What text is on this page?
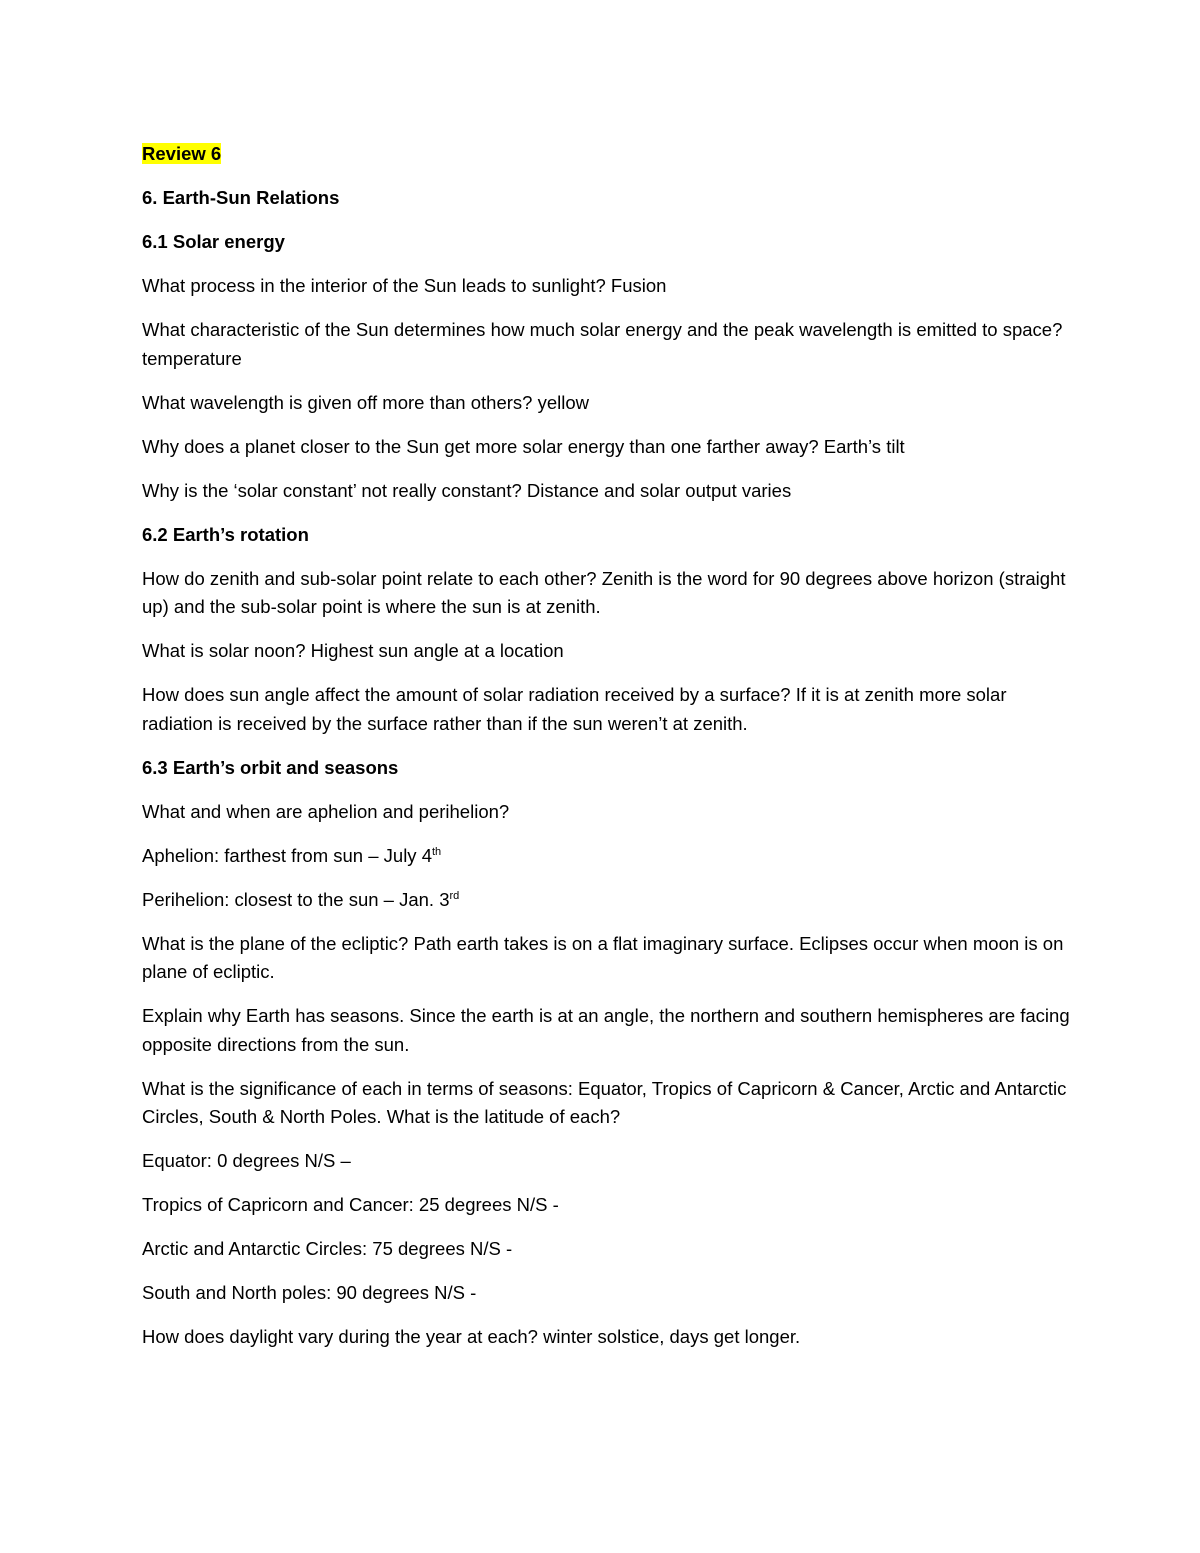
Review 6

6. Earth-Sun Relations

6.1 Solar energy

What process in the interior of the Sun leads to sunlight? Fusion

What characteristic of the Sun determines how much solar energy and the peak wavelength is emitted to space? temperature

What wavelength is given off more than others? yellow

Why does a planet closer to the Sun get more solar energy than one farther away? Earth’s tilt

Why is the ‘solar constant’ not really constant? Distance and solar output varies

6.2 Earth’s rotation

How do zenith and sub-solar point relate to each other? Zenith is the word for 90 degrees above horizon (straight up) and the sub-solar point is where the sun is at zenith.

What is solar noon? Highest sun angle at a location

How does sun angle affect the amount of solar radiation received by a surface? If it is at zenith more solar radiation is received by the surface rather than if the sun weren’t at zenith.

6.3 Earth’s orbit and seasons

What and when are aphelion and perihelion?

Aphelion: farthest from sun – July 4th

Perihelion: closest to the sun – Jan. 3rd

What is the plane of the ecliptic? Path earth takes is on a flat imaginary surface. Eclipses occur when moon is on plane of ecliptic.

Explain why Earth has seasons. Since the earth is at an angle, the northern and southern hemispheres are facing opposite directions from the sun.

What is the significance of each in terms of seasons: Equator, Tropics of Capricorn & Cancer, Arctic and Antarctic Circles, South & North Poles. What is the latitude of each?

Equator: 0 degrees N/S –

Tropics of Capricorn and Cancer: 25 degrees N/S -

Arctic and Antarctic Circles: 75 degrees N/S -

South and North poles: 90 degrees N/S -

How does daylight vary during the year at each? winter solstice, days get longer.
